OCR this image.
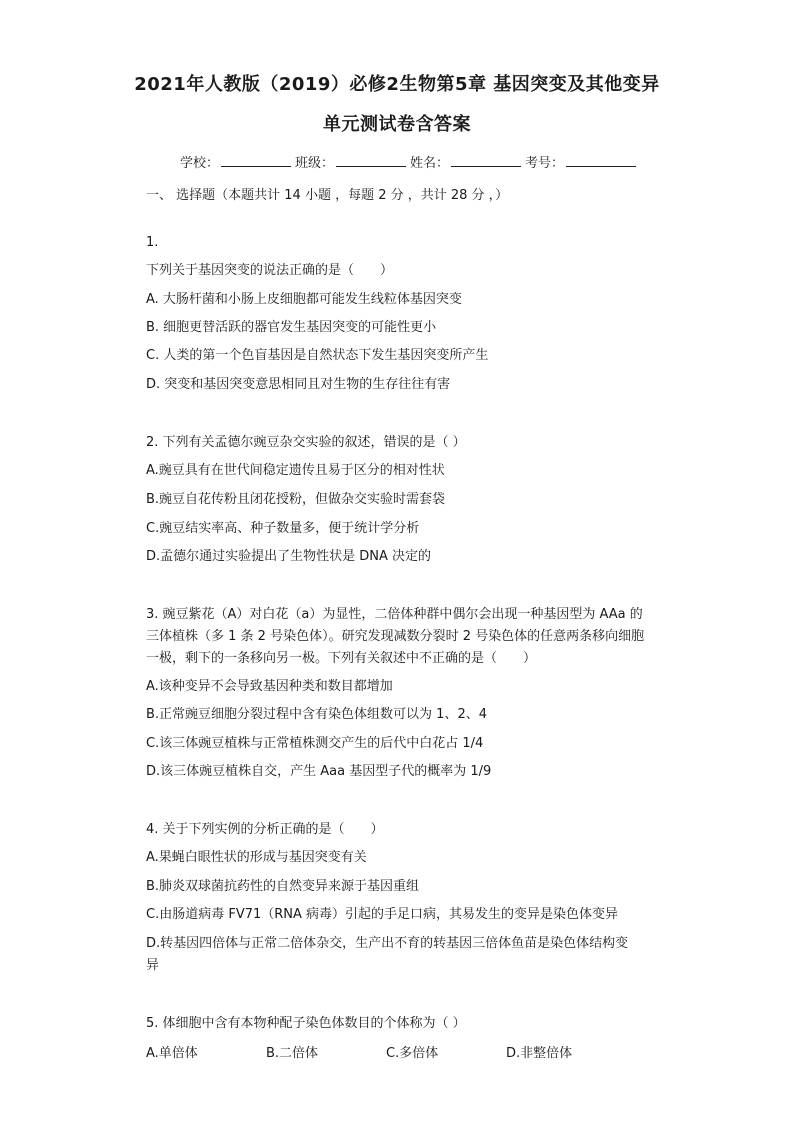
2021年人教版（2019）必修2生物第5章 基因突变及其他变异
单元测试卷含答案
学校：	班级：	姓名：	考号：
一、 选择题（本题共计 14 小题 ，每题 2 分 ，共计 28 分 ，）
1.
下列关于基因突变的说法正确的是（　　）
A. 大肠杆菌和小肠上皮细胞都可能发生线粒体基因突变
B. 细胞更替活跃的器官发生基因突变的可能性更小
C. 人类的第一个色盲基因是自然状态下发生基因突变所产生
D. 突变和基因突变意思相同且对生物的生存往往有害
2. 下列有关孟德尔豌豆杂交实验的叙述，错误的是（ ）
A.豌豆具有在世代间稳定遗传且易于区分的相对性状
B.豌豆自花传粉且闭花授粉，但做杂交实验时需套袋
C.豌豆结实率高、种子数量多，便于统计学分析
D.孟德尔通过实验提出了生物性状是 DNA 决定的
3. 豌豆紫花（A）对白花（a）为显性，二倍体种群中偶尔会出现一种基因型为 AAa 的
三体植株（多 1 条 2 号染色体）。研究发现减数分裂时 2 号染色体的任意两条移向细胞
一极，剩下的一条移向另一极。下列有关叙述中不正确的是（　　）
A.该种变异不会导致基因种类和数目都增加
B.正常豌豆细胞分裂过程中含有染色体组数可以为 1、2、4
C.该三体豌豆植株与正常植株测交产生的后代中白花占 1/4
D.该三体豌豆植株自交，产生 Aaa 基因型子代的概率为 1/9
4. 关于下列实例的分析正确的是（　　）
A.果蝇白眼性状的形成与基因突变有关
B.肺炎双球菌抗药性的自然变异来源于基因重组
C.由肠道病毒 FV71（RNA 病毒）引起的手足口病，其易发生的变异是染色体变异
D.转基因四倍体与正常二倍体杂交，生产出不育的转基因三倍体鱼苗是染色体结构变
异
5. 体细胞中含有本物种配子染色体数目的个体称为（ ）
A.单倍体	B.二倍体	C.多倍体	D.非整倍体
